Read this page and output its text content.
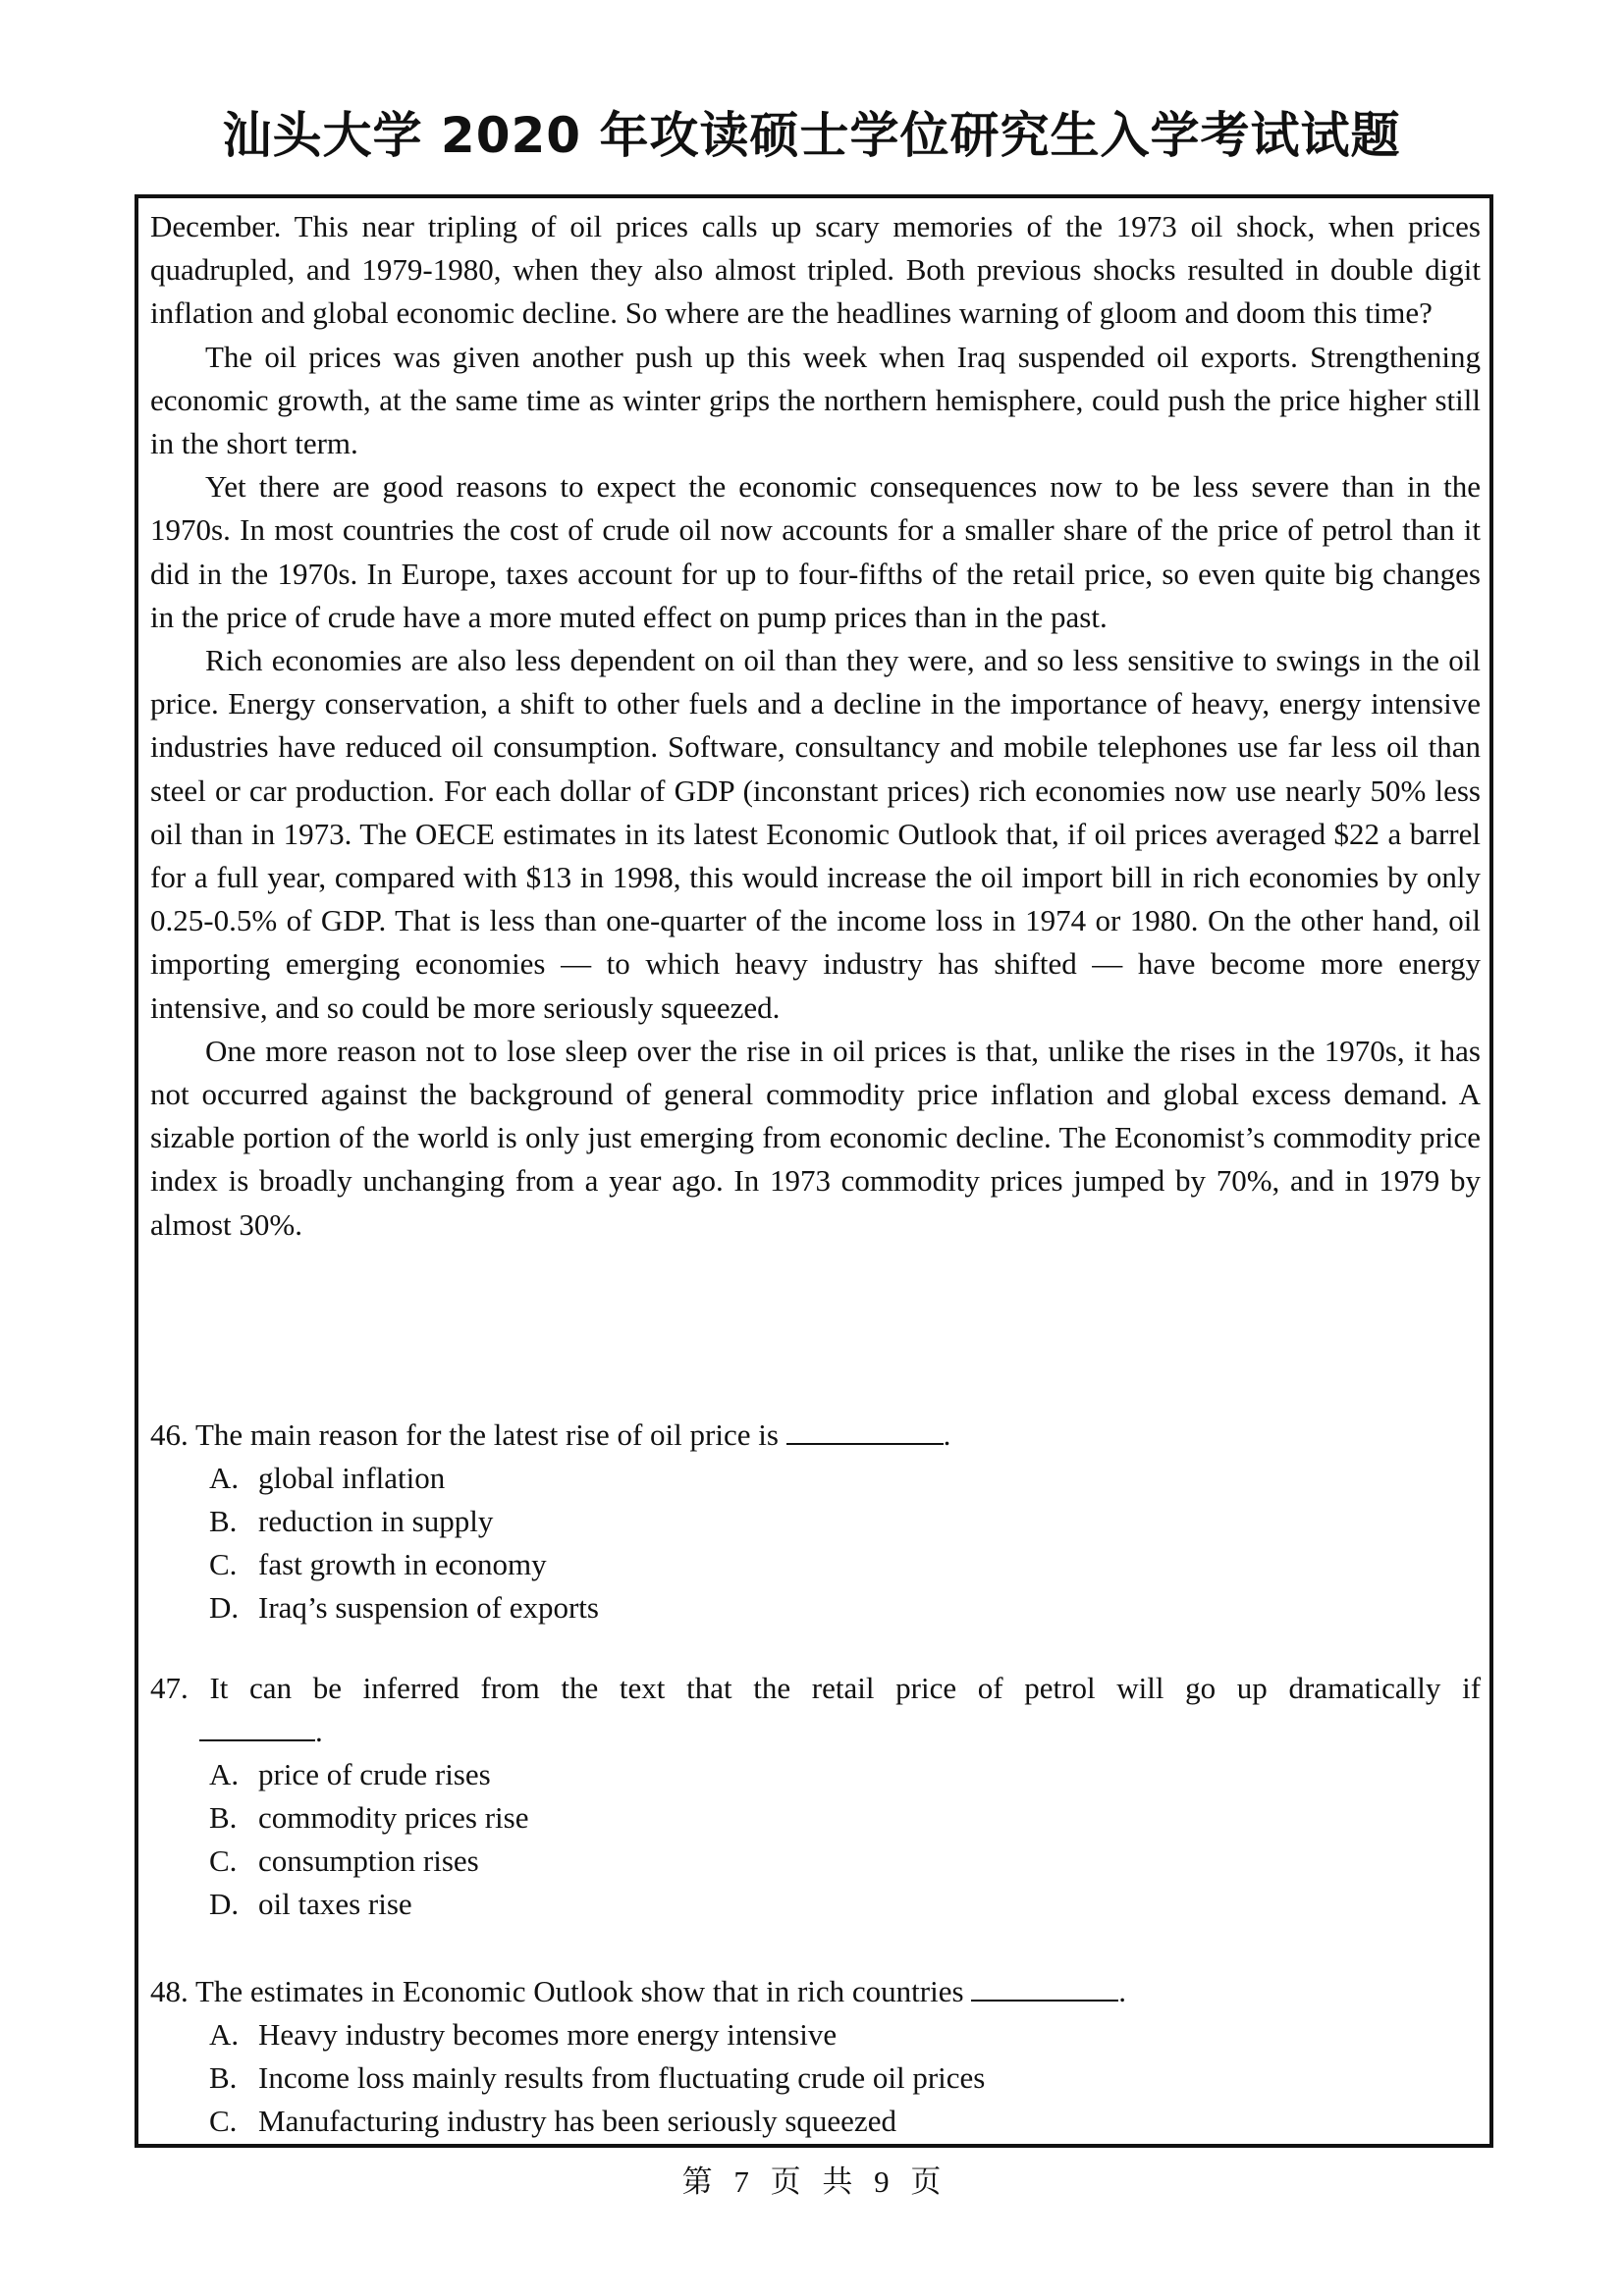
汕头大学 2020 年攻读硕士学位研究生入学考试试题

December. This near tripling of oil prices calls up scary memories of the 1973 oil shock, when prices quadrupled, and 1979-1980, when they also almost tripled. Both previous shocks resulted in double digit inflation and global economic decline. So where are the headlines warning of gloom and doom this time?

The oil prices was given another push up this week when Iraq suspended oil exports. Strengthening economic growth, at the same time as winter grips the northern hemisphere, could push the price higher still in the short term.

Yet there are good reasons to expect the economic consequences now to be less severe than in the 1970s. In most countries the cost of crude oil now accounts for a smaller share of the price of petrol than it did in the 1970s. In Europe, taxes account for up to four-fifths of the retail price, so even quite big changes in the price of crude have a more muted effect on pump prices than in the past.

Rich economies are also less dependent on oil than they were, and so less sensitive to swings in the oil price. Energy conservation, a shift to other fuels and a decline in the importance of heavy, energy intensive industries have reduced oil consumption. Software, consultancy and mobile telephones use far less oil than steel or car production. For each dollar of GDP (inconstant prices) rich economies now use nearly 50% less oil than in 1973. The OECE estimates in its latest Economic Outlook that, if oil prices averaged $22 a barrel for a full year, compared with $13 in 1998, this would increase the oil import bill in rich economies by only 0.25-0.5% of GDP. That is less than one-quarter of the income loss in 1974 or 1980. On the other hand, oil importing emerging economies — to which heavy industry has shifted — have become more energy intensive, and so could be more seriously squeezed.

One more reason not to lose sleep over the rise in oil prices is that, unlike the rises in the 1970s, it has not occurred against the background of general commodity price inflation and global excess demand. A sizable portion of the world is only just emerging from economic decline. The Economist’s commodity price index is broadly unchanging from a year ago. In 1973 commodity prices jumped by 70%, and in 1979 by almost 30%.

46. The main reason for the latest rise of oil price is	.
A. global inflation
B. reduction in supply
C. fast growth in economy
D. Iraq’s suspension of exports
47. It can be inferred from the text that the retail price of petrol will go up dramatically if
.
A. price of crude rises
B. commodity prices rise
C. consumption rises
D. oil taxes rise
48. The estimates in Economic Outlook show that in rich countries	.
A. Heavy industry becomes more energy intensive
B. Income loss mainly results from fluctuating crude oil prices
C. Manufacturing industry has been seriously squeezed
第 7 页 共 9 页
